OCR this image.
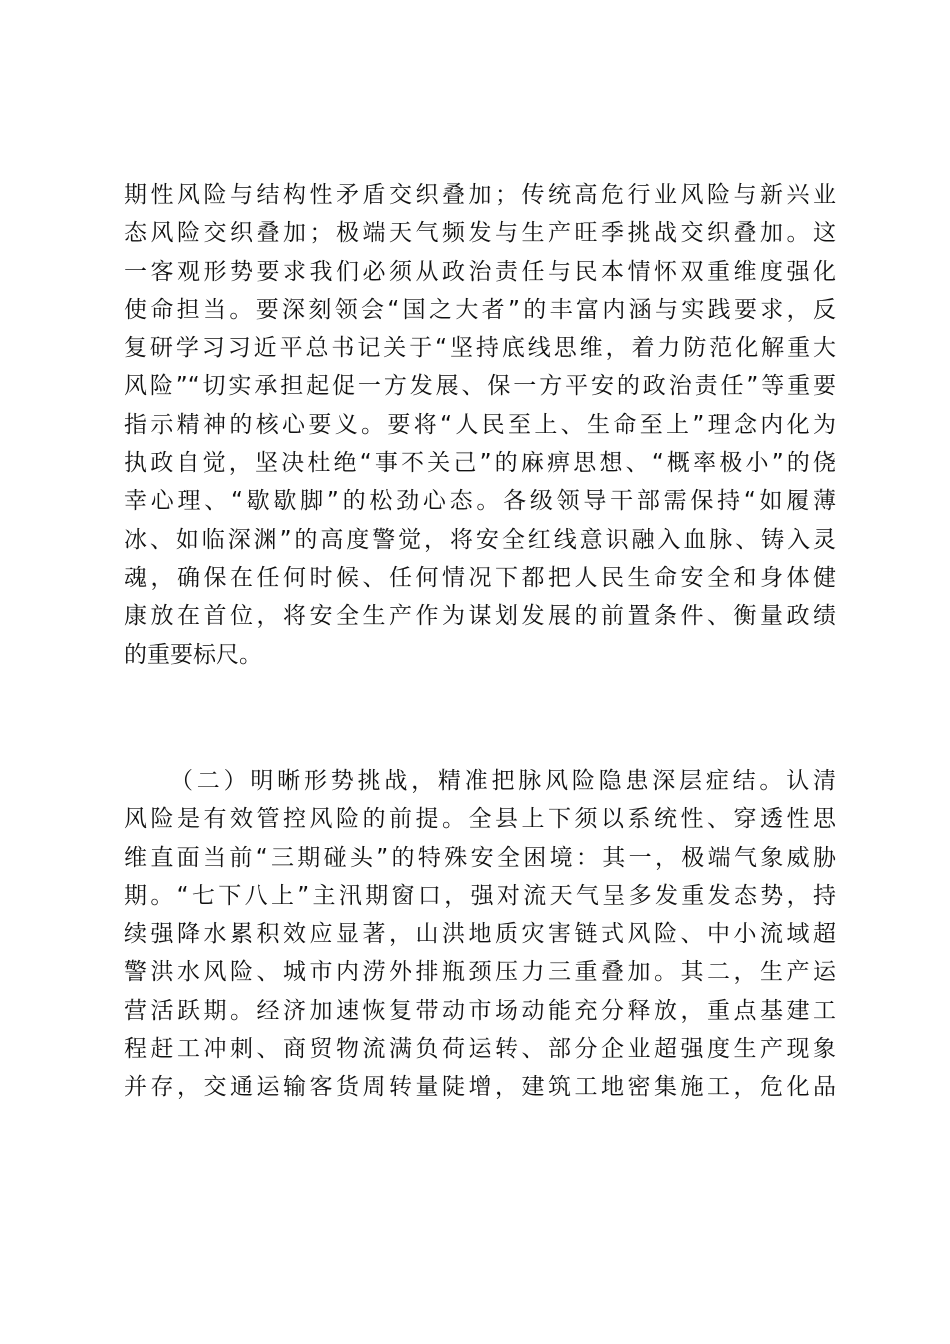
期性风险与结构性矛盾交织叠加；传统高危行业风险与新兴业
态风险交织叠加；极端天气频发与生产旺季挑战交织叠加。这
一客观形势要求我们必须从政治责任与民本情怀双重维度强化
使命担当。要深刻领会“国之大者”的丰富内涵与实践要求，反
复研学习习近平总书记关于“坚持底线思维，着力防范化解重大
风险”“切实承担起促一方发展、保一方平安的政治责任”等重要
指示精神的核心要义。要将“人民至上、生命至上”理念内化为
执政自觉，坚决杜绝“事不关己”的麻痹思想、“概率极小”的侥
幸心理、“歇歇脚”的松劲心态。各级领导干部需保持“如履薄
冰、如临深渊”的高度警觉，将安全红线意识融入血脉、铸入灵
魂，确保在任何时候、任何情况下都把人民生命安全和身体健
康放在首位，将安全生产作为谋划发展的前置条件、衡量政绩
的重要标尺。
（二）明晰形势挑战，精准把脉风险隐患深层症结。认清
风险是有效管控风险的前提。全县上下须以系统性、穿透性思
维直面当前“三期碰头”的特殊安全困境：其一，极端气象威胁
期。“七下八上”主汛期窗口，强对流天气呈多发重发态势，持
续强降水累积效应显著，山洪地质灾害链式风险、中小流域超
警洪水风险、城市内涝外排瓶颈压力三重叠加。其二，生产运
营活跃期。经济加速恢复带动市场动能充分释放，重点基建工
程赶工冲刺、商贸物流满负荷运转、部分企业超强度生产现象
并存，交通运输客货周转量陡增，建筑工地密集施工，危化品
